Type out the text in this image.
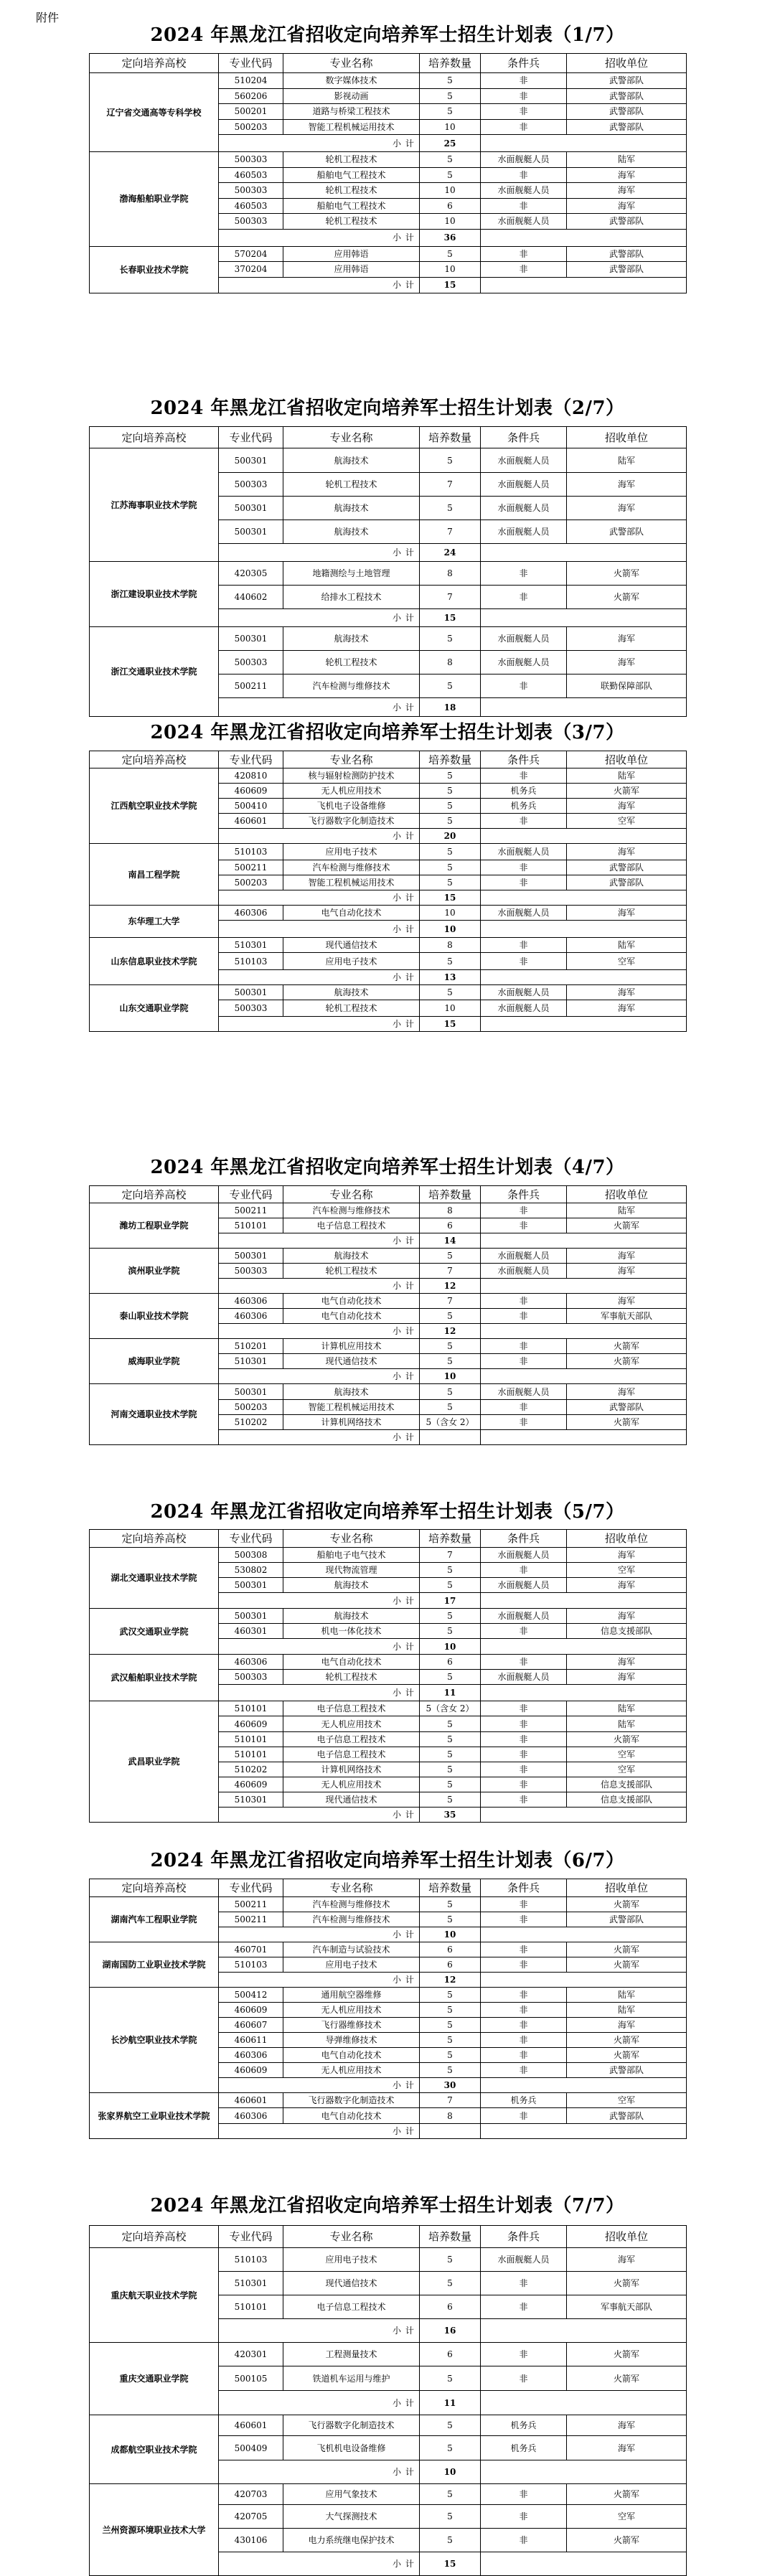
附件
2024 年黑龙江省招收定向培养军士招生计划表（1/7）
定向培养高校	专业代码	专业名称	培养数量	条件兵	招收单位
辽宁省交通高等专科学校	510204	数字媒体技术	5	非	武警部队
	560206	影视动画	5	非	武警部队
	500201	道路与桥梁工程技术	5	非	武警部队
	500203	智能工程机械运用技术	10	非	武警部队
	小 计		25		
渤海船舶职业学院	500303	轮机工程技术	5	水面舰艇人员	陆军
	460503	船舶电气工程技术	5	非	海军
	500303	轮机工程技术	10	水面舰艇人员	海军
	460503	船舶电气工程技术	6	非	海军
	500303	轮机工程技术	10	水面舰艇人员	武警部队
	小 计		36		
长春职业技术学院	570204	应用韩语	5	非	武警部队
	370204	应用韩语	10	非	武警部队
	小 计		15		
2024 年黑龙江省招收定向培养军士招生计划表（2/7）
定向培养高校	专业代码	专业名称	培养数量	条件兵	招收单位
江苏海事职业技术学院	500301	航海技术	5	水面舰艇人员	陆军
	500303	轮机工程技术	7	水面舰艇人员	海军
	500301	航海技术	5	水面舰艇人员	海军
	500301	航海技术	7	水面舰艇人员	武警部队
	小 计		24		
浙江建设职业技术学院	420305	地籍测绘与土地管理	8	非	火箭军
	440602	给排水工程技术	7	非	火箭军
	小 计		15		
浙江交通职业技术学院	500301	航海技术	5	水面舰艇人员	海军
	500303	轮机工程技术	8	水面舰艇人员	海军
	500211	汽车检测与维修技术	5	非	联勤保障部队
	小 计		18		
2024 年黑龙江省招收定向培养军士招生计划表（3/7）
定向培养高校	专业代码	专业名称	培养数量	条件兵	招收单位
江西航空职业技术学院	420810	核与辐射检测防护技术	5	非	陆军
	460609	无人机应用技术	5	机务兵	火箭军
	500410	飞机电子设备维修	5	机务兵	海军
	460601	飞行器数字化制造技术	5	非	空军
	小 计		20		
南昌工程学院	510103	应用电子技术	5	水面舰艇人员	海军
	500211	汽车检测与维修技术	5	非	武警部队
	500203	智能工程机械运用技术	5	非	武警部队
	小 计		15		
东华理工大学	460306	电气自动化技术	10	水面舰艇人员	海军
	小 计		10		
山东信息职业技术学院	510301	现代通信技术	8	非	陆军
	510103	应用电子技术	5	非	空军
	小 计		13		
山东交通职业学院	500301	航海技术	5	水面舰艇人员	海军
	500303	轮机工程技术	10	水面舰艇人员	海军
	小 计		15		
2024 年黑龙江省招收定向培养军士招生计划表（4/7）
定向培养高校	专业代码	专业名称	培养数量	条件兵	招收单位
潍坊工程职业学院	500211	汽车检测与维修技术	8	非	陆军
	510101	电子信息工程技术	6	非	火箭军
	小 计		14		
滨州职业学院	500301	航海技术	5	水面舰艇人员	海军
	500303	轮机工程技术	7	水面舰艇人员	海军
	小 计		12		
泰山职业技术学院	460306	电气自动化技术	7	非	海军
	460306	电气自动化技术	5	非	军事航天部队
	小 计		12		
威海职业学院	510201	计算机应用技术	5	非	火箭军
	510301	现代通信技术	5	非	火箭军
	小 计		10		
河南交通职业技术学院	500301	航海技术	5	水面舰艇人员	海军
	500203	智能工程机械运用技术	5	非	武警部队
	510202	计算机网络技术	5（含女 2）	非	火箭军
	小 计				
2024 年黑龙江省招收定向培养军士招生计划表（5/7）
定向培养高校	专业代码	专业名称	培养数量	条件兵	招收单位
湖北交通职业技术学院	500308	船舶电子电气技术	7	水面舰艇人员	海军
	530802	现代物流管理	5	非	空军
	500301	航海技术	5	水面舰艇人员	海军
	小 计		17		
武汉交通职业学院	500301	航海技术	5	水面舰艇人员	海军
	460301	机电一体化技术	5	非	信息支援部队
	小 计		10		
武汉船舶职业技术学院	460306	电气自动化技术	6	非	海军
	500303	轮机工程技术	5	水面舰艇人员	海军
	小 计		11		
武昌职业学院	510101	电子信息工程技术	5（含女 2）	非	陆军
	460609	无人机应用技术	5	非	陆军
	510101	电子信息工程技术	5	非	火箭军
	510101	电子信息工程技术	5	非	空军
	510202	计算机网络技术	5	非	空军
	460609	无人机应用技术	5	非	信息支援部队
	510301	现代通信技术	5	非	信息支援部队
	小 计		35		
2024 年黑龙江省招收定向培养军士招生计划表（6/7）
定向培养高校	专业代码	专业名称	培养数量	条件兵	招收单位
湖南汽车工程职业学院	500211	汽车检测与维修技术	5	非	火箭军
	500211	汽车检测与维修技术	5	非	武警部队
	小 计		10		
湖南国防工业职业技术学院	460701	汽车制造与试验技术	6	非	火箭军
	510103	应用电子技术	6	非	火箭军
	小 计		12		
长沙航空职业技术学院	500412	通用航空器维修	5	非	陆军
	460609	无人机应用技术	5	非	陆军
	460607	飞行器维修技术	5	非	海军
	460611	导弹维修技术	5	非	火箭军
	460306	电气自动化技术	5	非	火箭军
	460609	无人机应用技术	5	非	武警部队
	小 计		30		
张家界航空工业职业技术学院	460601	飞行器数字化制造技术	7	机务兵	空军
	460306	电气自动化技术	8	非	武警部队
	小 计				
2024 年黑龙江省招收定向培养军士招生计划表（7/7）
定向培养高校	专业代码	专业名称	培养数量	条件兵	招收单位
重庆航天职业技术学院	510103	应用电子技术	5	水面舰艇人员	海军
	510301	现代通信技术	5	非	火箭军
	510101	电子信息工程技术	6	非	军事航天部队
	小 计		16		
重庆交通职业学院	420301	工程测量技术	6	非	火箭军
	500105	铁道机车运用与维护	5	非	火箭军
	小 计		11		
成都航空职业技术学院	460601	飞行器数字化制造技术	5	机务兵	海军
	500409	飞机机电设备维修	5	机务兵	海军
	小 计		10		
兰州资源环境职业技术大学	420703	应用气象技术	5	非	火箭军
	420705	大气探测技术	5	非	空军
	430106	电力系统继电保护技术	5	非	火箭军
	小 计		15		
